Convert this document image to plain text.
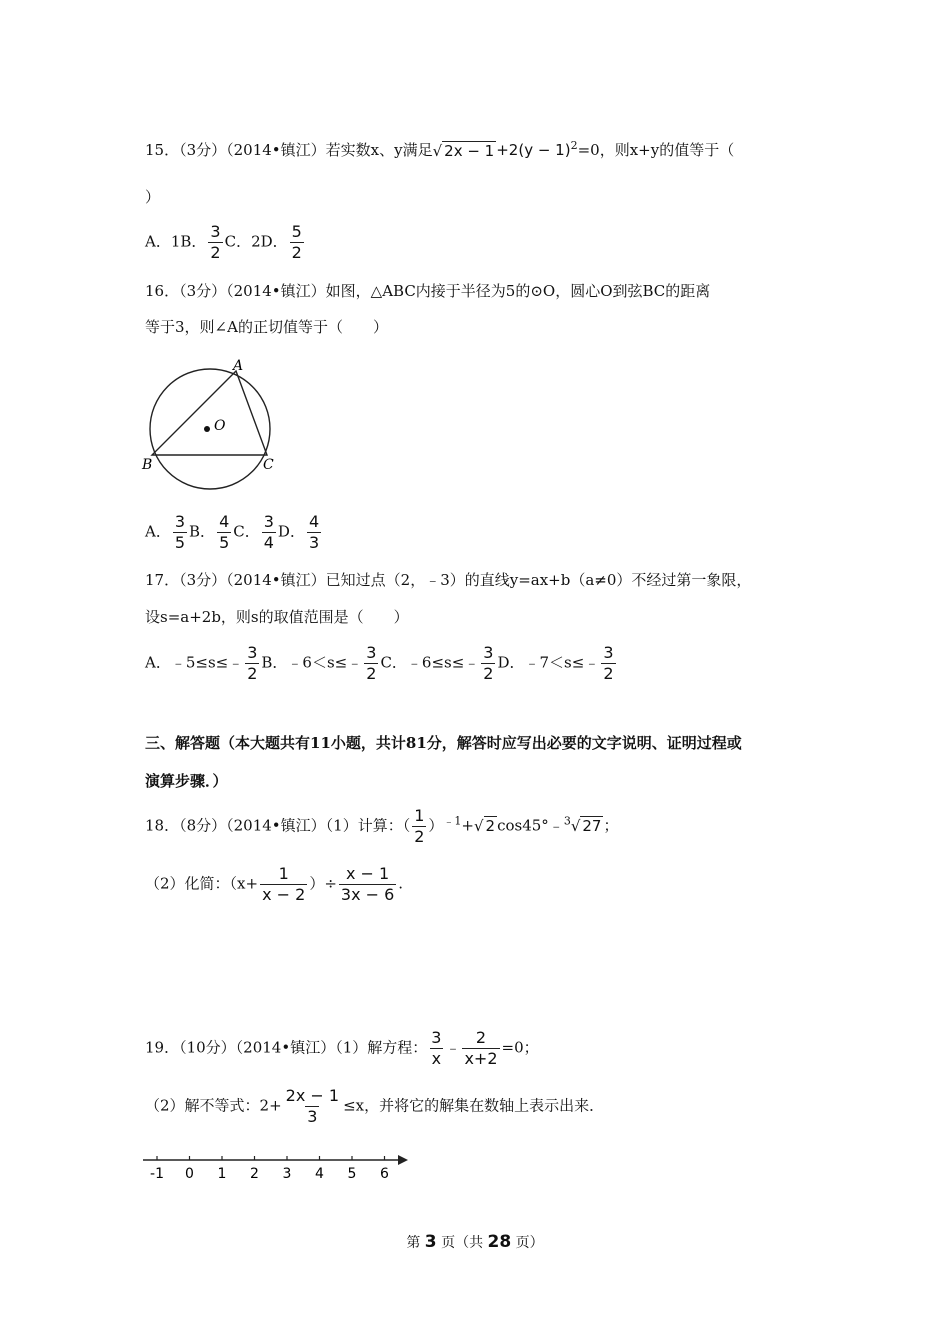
15．（3分）（2014•镇江）若实数x、y满足√ $2x - 1 +2(y - 1)^2=0$，则x+y的值等于（
）
A．1B． $\frac{3}{2}$ C．2D． $\frac{5}{2}$
16．（3分）（2014•镇江）如图，△ABC内接于半径为5的⊙O，圆心O到弦BC的距离
等于3，则∠A的正切值等于（　　）
A
O
B	C
A． $\frac{3}{5}$ B． $\frac{4}{5}$ C． $\frac{3}{4}$ D． $\frac{4}{3}$
17．（3分）（2014•镇江）已知过点（2，﹣3）的直线y=ax+b（a≠0）不经过第一象限，
设s=a+2b，则s的取值范围是（　　）
A．﹣5≤s≤﹣ $\frac{3}{2}$ B．﹣6＜s≤﹣ $\frac{3}{2}$ C．﹣6≤s≤﹣ $\frac{3}{2}$ D．﹣7＜s≤﹣ $\frac{3}{2}$
三、解答题（本大题共有11小题，共计81分，解答时应写出必要的文字说明、证明过程或
演算步骤．）
18．（8分）（2014•镇江）（1）计算：（ $\frac{1}{2} )^{﹣1}+√$ 2 cos45°﹣$^3$√ 27 ；
（2）化简：（$x+ \frac{1}{x - 2}$ ）÷ $\frac{x - 1}{3x - 6}$ .
19．（10分）（2014•镇江）（1）解方程： $\frac{3}{x}$ ﹣ $\frac{2}{x+2} =0$；
（2）解不等式：$2+ \frac{2x - 1}{3} \le x$，并将它的解集在数轴上表示出来．
-1 0 1 2 3 4 5 6
第 3 页（共 28 页）
